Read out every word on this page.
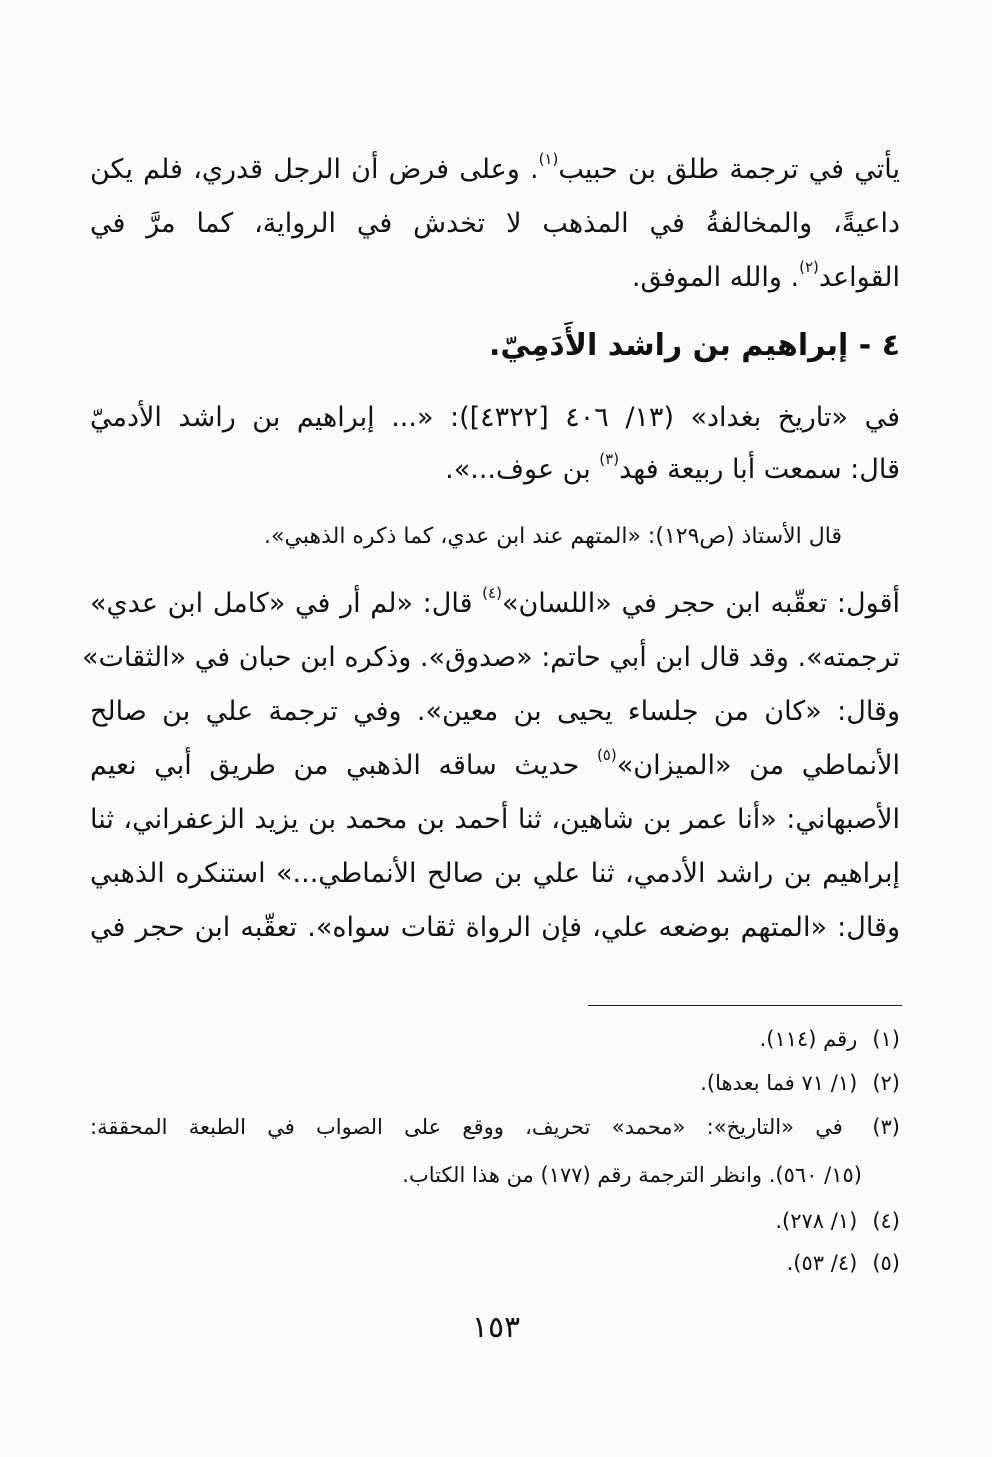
يأتي في ترجمة طلق بن حبيب$^{(١)}$. وعلى فرض أن الرجل قدري، فلم يكن
داعيةً، والمخالفةُ في المذهب لا تخدش في الرواية، كما مرَّ في
القواعد$^{(٢)}$. والله الموفق.
٤ - إبراهيم بن راشد الأَدَمِيّ.
في «تاريخ بغداد» (١٣/ ٤٠٦ [٤٣٢٢]): «... إبراهيم بن راشد الأدميّ
قال: سمعت أبا ربيعة فهد$^{(٣)}$ بن عوف...».
قال الأستاذ (ص١٢٩): «المتهم عند ابن عدي، كما ذكره الذهبي».
أقول: تعقّبه ابن حجر في «اللسان»$^{(٤)}$ قال: «لم أر في «كامل ابن عدي»
ترجمته». وقد قال ابن أبي حاتم: «صدوق». وذكره ابن حبان في «الثقات»
وقال: «كان من جلساء يحيى بن معين». وفي ترجمة علي بن صالح
الأنماطي من «الميزان»$^{(٥)}$ حديث ساقه الذهبي من طريق أبي نعيم
الأصبهاني: «أنا عمر بن شاهين، ثنا أحمد بن محمد بن يزيد الزعفراني، ثنا
إبراهيم بن راشد الأدمي، ثنا علي بن صالح الأنماطي...» استنكره الذهبي
وقال: «المتهم بوضعه علي، فإن الرواة ثقات سواه». تعقّبه ابن حجر في
(١) رقم (١١٤).
(٢) (١/ ٧١ فما بعدها).
(٣) في «التاريخ»: «محمد» تحريف، ووقع على الصواب في الطبعة المحققة:
(١٥/ ٥٦٠). وانظر الترجمة رقم (١٧٧) من هذا الكتاب.
(٤) (١/ ٢٧٨).
(٥) (٤/ ٥٣).
١٥٣
